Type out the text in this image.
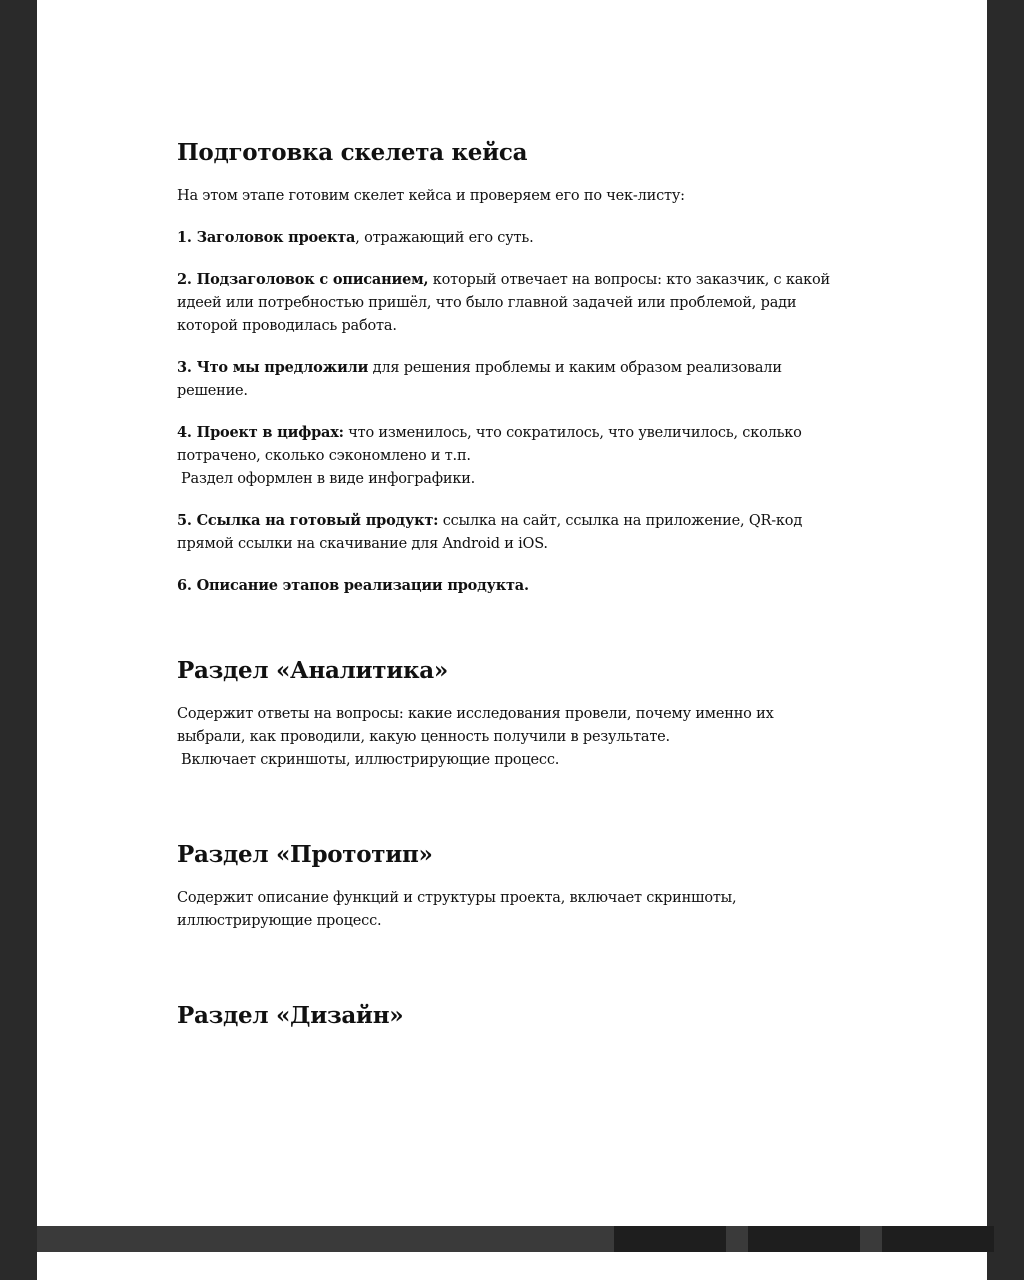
Подготовка скелета кейса

На этом этапе готовим скелет кейса и проверяем его по чек-листу:

1. Заголовок проекта, отражающий его суть.

2. Подзаголовок с описанием, который отвечает на вопросы: кто заказчик, с какой
идеей или потребностью пришёл, что было главной задачей или проблемой, ради
которой проводилась работа.

3. Что мы предложили для решения проблемы и каким образом реализовали
решение.

4. Проект в цифрах: что изменилось, что сократилось, что увеличилось, сколько
потрачено, сколько сэкономлено и т.п.
Раздел оформлен в виде инфографики.

5. Ссылка на готовый продукт: ссылка на сайт, ссылка на приложение, QR-код
прямой ссылки на скачивание для Android и iOS.

6. Описание этапов реализации продукта.

Раздел «Аналитика»

Содержит ответы на вопросы: какие исследования провели, почему именно их
выбрали, как проводили, какую ценность получили в результате.
Включает скриншоты, иллюстрирующие процесс.

Раздел «Прототип»

Содержит описание функций и структуры проекта, включает скриншоты,
иллюстрирующие процесс.

Раздел «Дизайн»
